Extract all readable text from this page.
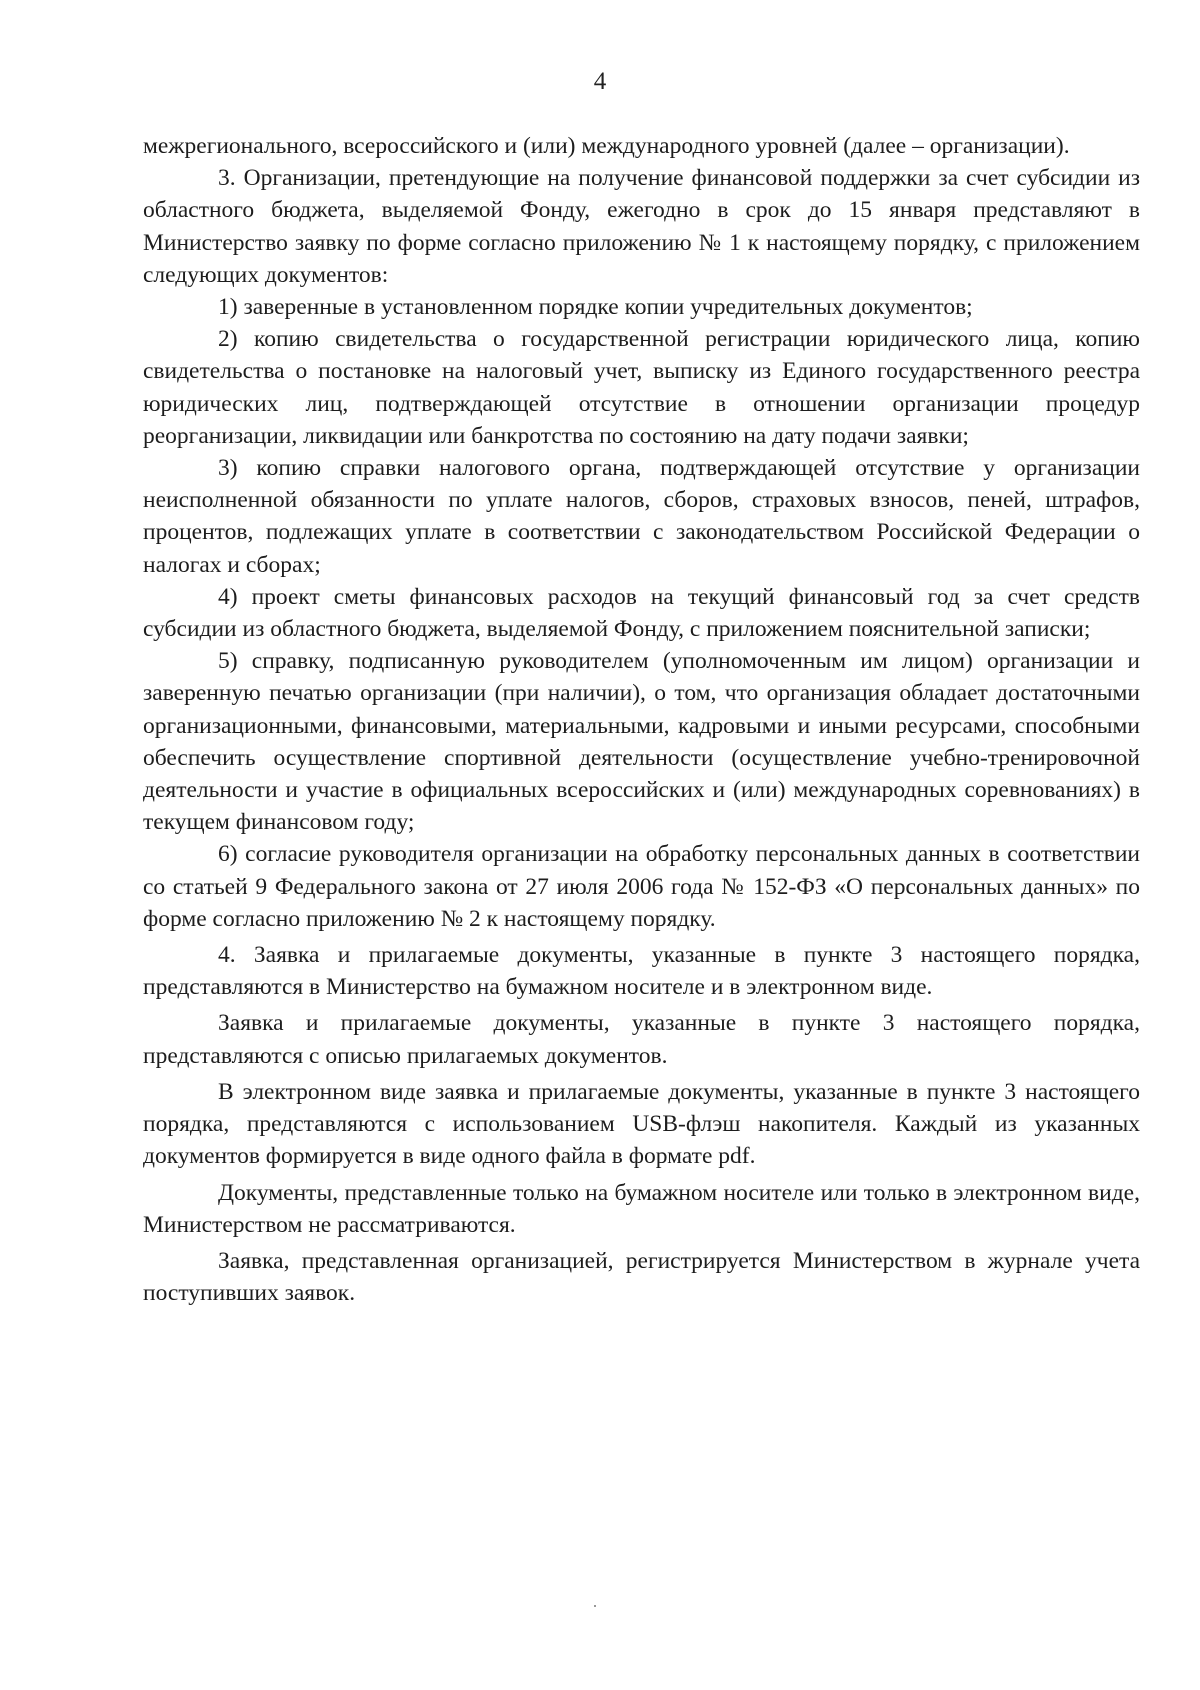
4

межрегионального, всероссийского и (или) международного уровней (далее – организации).

3. Организации, претендующие на получение финансовой поддержки за счет субсидии из областного бюджета, выделяемой Фонду, ежегодно в срок до 15 января представляют в Министерство заявку по форме согласно приложению № 1 к настоящему порядку, с приложением следующих документов:

1) заверенные в установленном порядке копии учредительных документов;

2) копию свидетельства о государственной регистрации юридического лица, копию свидетельства о постановке на налоговый учет, выписку из Единого государственного реестра юридических лиц, подтверждающей отсутствие в отношении организации процедур реорганизации, ликвидации или банкротства по состоянию на дату подачи заявки;

3) копию справки налогового органа, подтверждающей отсутствие у организации неисполненной обязанности по уплате налогов, сборов, страховых взносов, пеней, штрафов, процентов, подлежащих уплате в соответствии с законодательством Российской Федерации о налогах и сборах;

4) проект сметы финансовых расходов на текущий финансовый год за счет средств субсидии из областного бюджета, выделяемой Фонду, с приложением пояснительной записки;

5) справку, подписанную руководителем (уполномоченным им лицом) организации и заверенную печатью организации (при наличии), о том, что организация обладает достаточными организационными, финансовыми, материальными, кадровыми и иными ресурсами, способными обеспечить осуществление спортивной деятельности (осуществление учебно-тренировочной деятельности и участие в официальных всероссийских и (или) международных соревнованиях) в текущем финансовом году;

6) согласие руководителя организации на обработку персональных данных в соответствии со статьей 9 Федерального закона от 27 июля 2006 года № 152-ФЗ «О персональных данных» по форме согласно приложению № 2 к настоящему порядку.

4. Заявка и прилагаемые документы, указанные в пункте 3 настоящего порядка, представляются в Министерство на бумажном носителе и в электронном виде.

Заявка и прилагаемые документы, указанные в пункте 3 настоящего порядка, представляются с описью прилагаемых документов.

В электронном виде заявка и прилагаемые документы, указанные в пункте 3 настоящего порядка, представляются с использованием USB-флэш накопителя. Каждый из указанных документов формируется в виде одного файла в формате pdf.

Документы, представленные только на бумажном носителе или только в электронном виде, Министерством не рассматриваются.

Заявка, представленная организацией, регистрируется Министерством в журнале учета поступивших заявок.
